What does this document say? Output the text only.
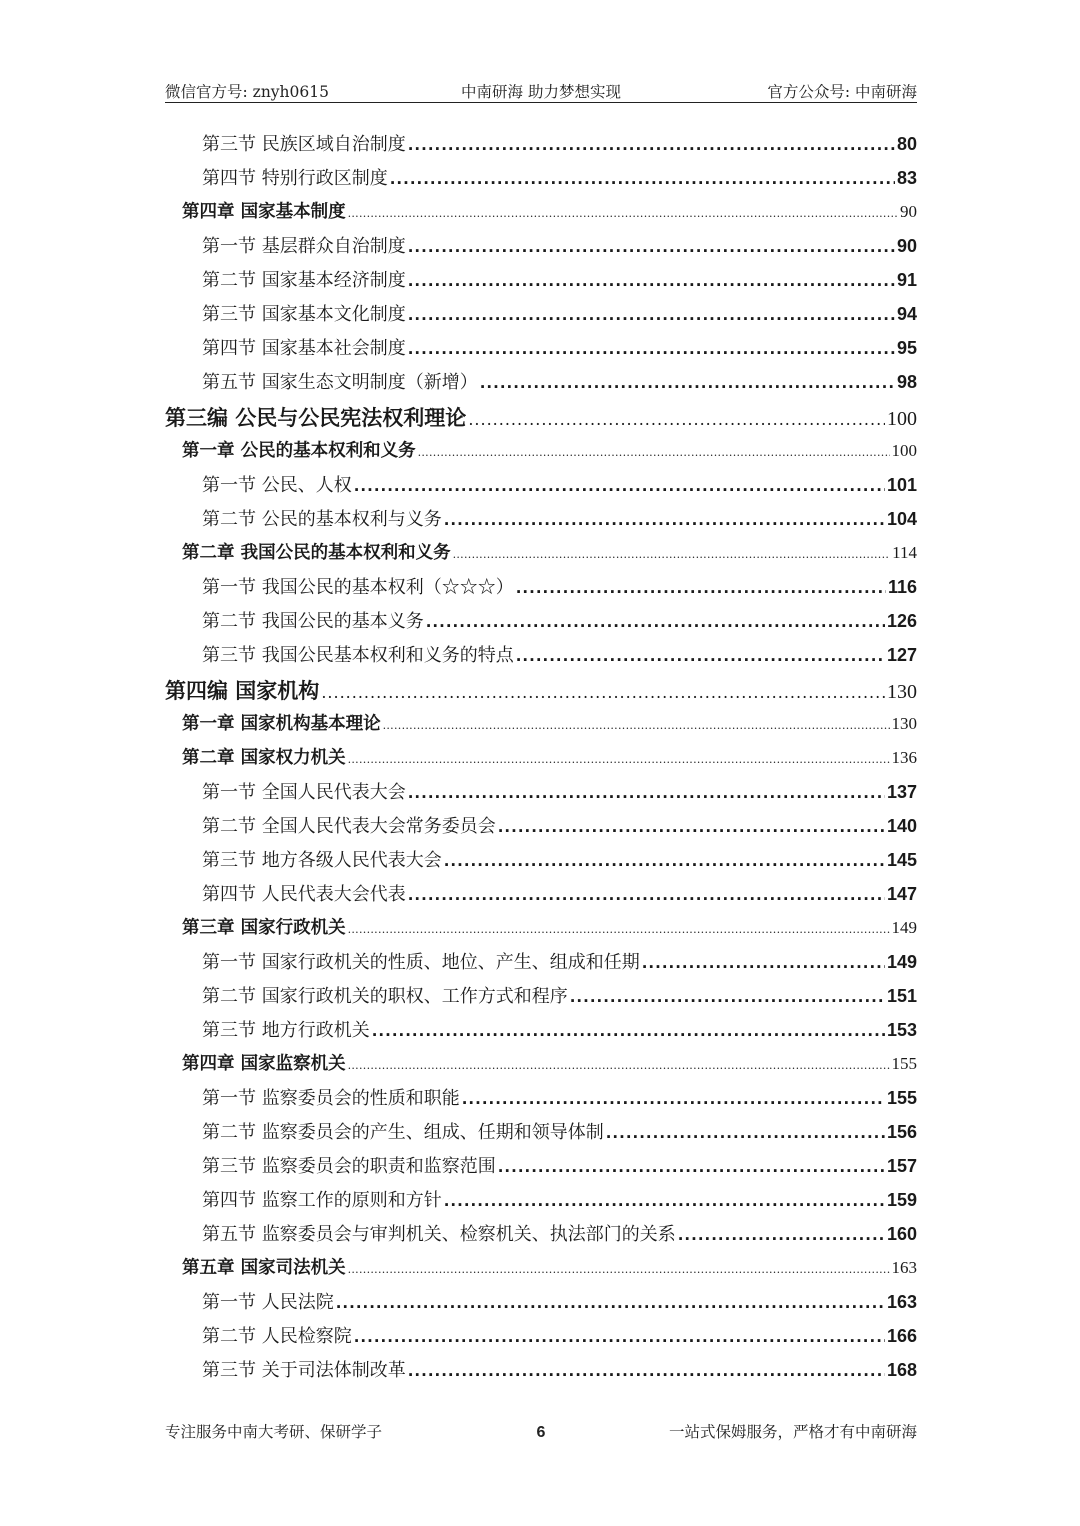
微信官方号: znyh0615	中南研海 助力梦想实现	官方公众号: 中南研海
第三节 民族区域自治制度 .....	80
第四节 特别行政区制度 .....	83
第四章 国家基本制度 .....	90
第一节 基层群众自治制度 .....	90
第二节 国家基本经济制度 .....	91
第三节 国家基本文化制度 .....	94
第四节 国家基本社会制度 .....	95
第五节 国家生态文明制度（新增） .....	98
第三编 公民与公民宪法权利理论 .....	100
第一章 公民的基本权利和义务 .....	100
第一节 公民、人权 .....	101
第二节 公民的基本权利与义务 .....	104
第二章 我国公民的基本权利和义务 .....	114
第一节 我国公民的基本权利（☆☆☆） .....	116
第二节 我国公民的基本义务 .....	126
第三节 我国公民基本权利和义务的特点 .....	127
第四编 国家机构 .....	130
第一章 国家机构基本理论 .....	130
第二章 国家权力机关 .....	136
第一节 全国人民代表大会 .....	137
第二节 全国人民代表大会常务委员会 .....	140
第三节 地方各级人民代表大会 .....	145
第四节 人民代表大会代表 .....	147
第三章 国家行政机关 .....	149
第一节 国家行政机关的性质、地位、产生、组成和任期 .....	149
第二节 国家行政机关的职权、工作方式和程序 .....	151
第三节 地方行政机关 .....	153
第四章 国家监察机关 .....	155
第一节 监察委员会的性质和职能 .....	155
第二节 监察委员会的产生、组成、任期和领导体制 .....	156
第三节 监察委员会的职责和监察范围 .....	157
第四节 监察工作的原则和方针 .....	159
第五节 监察委员会与审判机关、检察机关、执法部门的关系 .....	160
第五章 国家司法机关 .....	163
第一节 人民法院 .....	163
第二节 人民检察院 .....	166
第三节 关于司法体制改革 .....	168
专注服务中南大考研、保研学子	6	一站式保姆服务，严格才有中南研海
